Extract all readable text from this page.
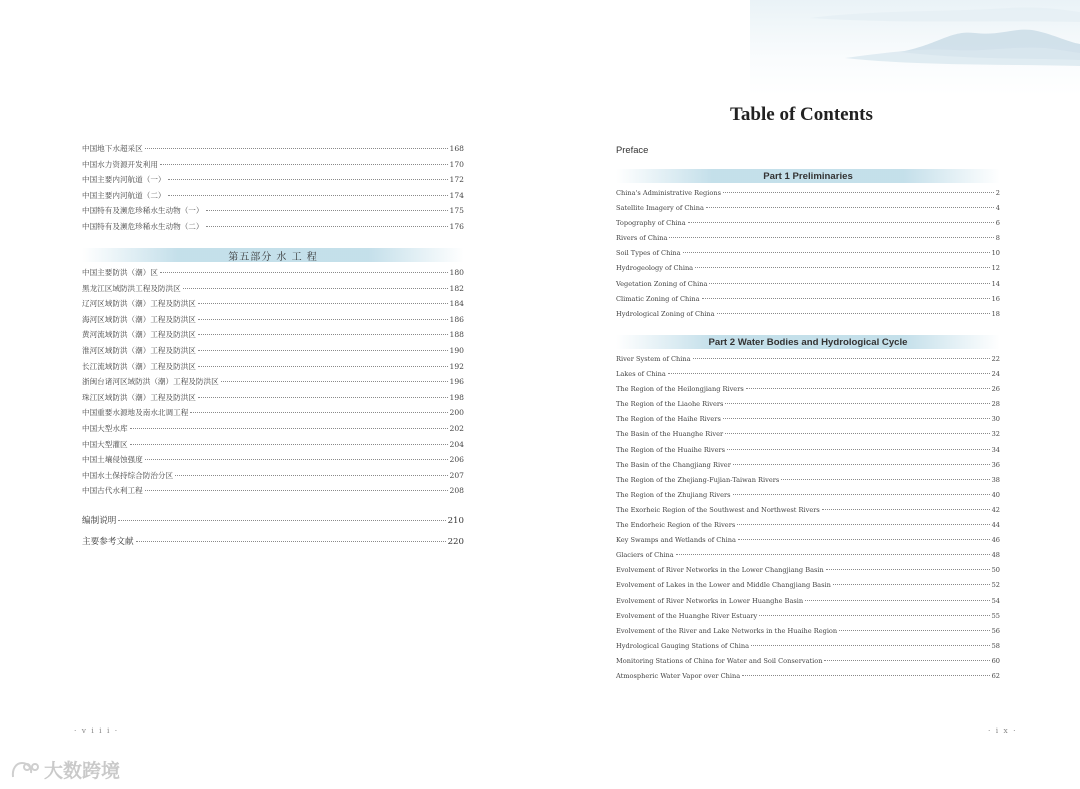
中国地下水超采区	168
中国水力资源开发利用	170
中国主要内河航道（一）	172
中国主要内河航道（二）	174
中国特有及濒危珍稀水生动物（一）	175
中国特有及濒危珍稀水生动物（二）	176
第五部分 水 工 程
中国主要防洪（潮）区	180
黑龙江区域防洪工程及防洪区	182
辽河区域防洪（潮）工程及防洪区	184
海河区域防洪（潮）工程及防洪区	186
黄河流域防洪（潮）工程及防洪区	188
淮河区域防洪（潮）工程及防洪区	190
长江流域防洪（潮）工程及防洪区	192
浙闽台诸河区域防洪（潮）工程及防洪区	196
珠江区域防洪（潮）工程及防洪区	198
中国重要水源地及南水北调工程	200
中国大型水库	202
中国大型灌区	204
中国土壤侵蚀强度	206
中国水土保持综合防治分区	207
中国古代水利工程	208
编制说明	210
主要参考文献	220
· v i i i ·
Table of Contents
Preface
Part 1 Preliminaries
China's Administrative Regions	2
Satellite Imagery of China	4
Topography of China	6
Rivers of China	8
Soil Types of China	10
Hydrogeology of China	12
Vegetation Zoning of China	14
Climatic Zoning of China	16
Hydrological Zoning of China	18
Part 2 Water Bodies and Hydrological Cycle
River System of China	22
Lakes of China	24
The Region of the Heilongjiang Rivers	26
The Region of the Liaohe Rivers	28
The Region of the Haihe Rivers	30
The Basin of the Huanghe River	32
The Region of the Huaihe Rivers	34
The Basin of the Changjiang River	36
The Region of the Zhejiang-Fujian-Taiwan Rivers	38
The Region of the Zhujiang Rivers	40
The Exorheic Region of the Southwest and Northwest Rivers	42
The Endorheic Region of the Rivers	44
Key Swamps and Wetlands of China	46
Glaciers of China	48
Evolvement of River Networks in the Lower Changjiang Basin	50
Evolvement of Lakes in the Lower and Middle Changjiang Basin	52
Evolvement of River Networks in Lower Huanghe Basin	54
Evolvement of the Huanghe River Estuary	55
Evolvement of the River and Lake Networks in the Huaihe Region	56
Hydrological Gauging Stations of China	58
Monitoring Stations of China for Water and Soil Conservation	60
Atmospheric Water Vapor over China	62
· i x ·
大数跨境
